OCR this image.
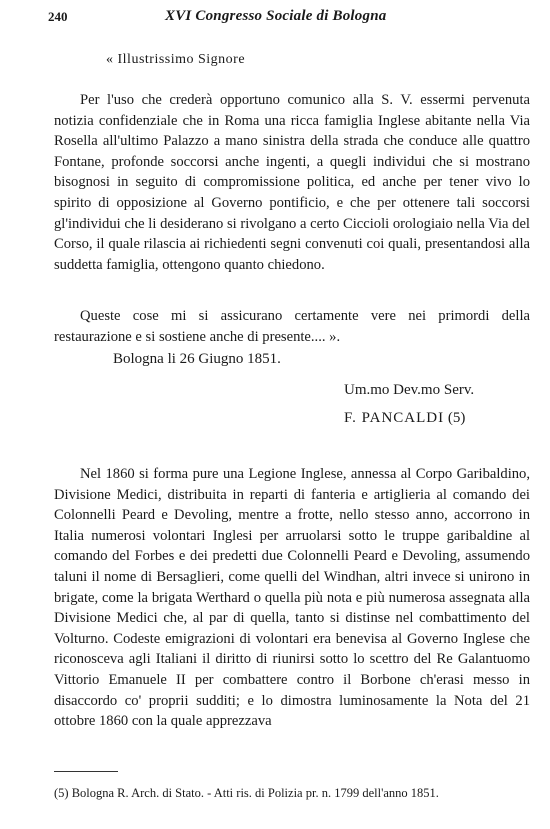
240	XVI Congresso Sociale di Bologna
« Illustrissimo Signore

Per l'uso che crederà opportuno comunico alla S. V. essermi pervenuta notizia confidenziale che in Roma una ricca famiglia Inglese abitante nella Via Rosella all'ultimo Palazzo a mano sinistra della strada che conduce alle quattro Fontane, profonde soccorsi anche ingenti, a quegli individui che si mostrano bisognosi in seguito di compromissione politica, ed anche per tener vivo lo spirito di opposizione al Governo pontificio, e che per ottenere tali soccorsi gl'individui che li desiderano si rivolgano a certo Ciccioli orologiaio nella Via del Corso, il quale rilascia ai richiedenti segni convenuti coi quali, presentandosi alla suddetta famiglia, ottengono quanto chiedono.

Queste cose mi si assicurano certamente vere nei primordi della restaurazione e si sostiene anche di presente.... ».

Bologna li 26 Giugno 1851.
Um.mo Dev.mo Serv.
F. PANCALDI (5)

Nel 1860 si forma pure una Legione Inglese, annessa al Corpo Garibaldino, Divisione Medici, distribuita in reparti di fanteria e artiglieria al comando dei Colonnelli Peard e Devoling, mentre a frotte, nello stesso anno, accorrono in Italia numerosi volontari Inglesi per arruolarsi sotto le truppe garibaldine al comando del Forbes e dei predetti due Colonnelli Peard e Devoling, assumendo taluni il nome di Bersaglieri, come quelli del Windhan, altri invece si unirono in brigate, come la brigata Werthard o quella più nota e più numerosa assegnata alla Divisione Medici che, al par di quella, tanto si distinse nel combattimento del Volturno. Codeste emigrazioni di volontari era benevisa al Governo Inglese che riconosceva agli Italiani il diritto di riunirsi sotto lo scettro del Re Galantuomo Vittorio Emanuele II per combattere contro il Borbone ch'erasi messo in disaccordo co' proprii sudditi; e lo dimostra luminosamente la Nota del 21 ottobre 1860 con la quale apprezzava

(5) Bologna R. Arch. di Stato. - Atti ris. di Polizia pr. n. 1799 dell'anno 1851.
